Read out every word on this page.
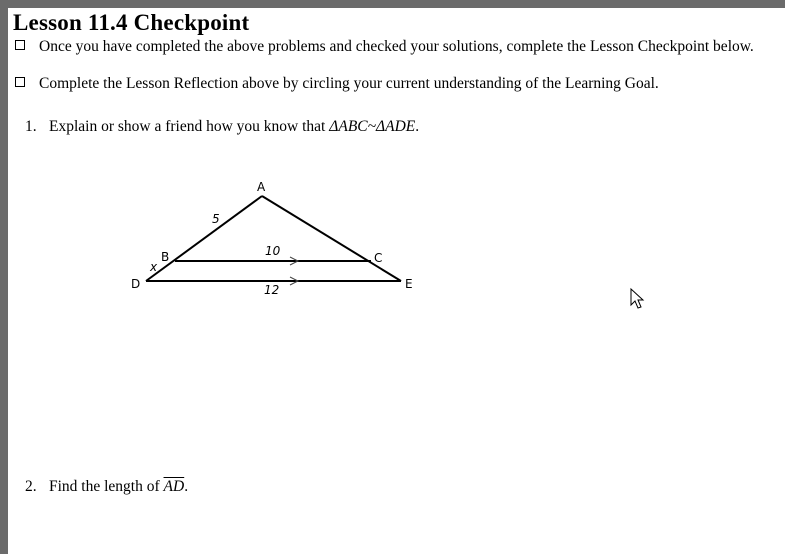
Lesson 11.4 Checkpoint
Once you have completed the above problems and checked your solutions, complete the Lesson Checkpoint below.
Complete the Lesson Reflection above by circling your current understanding of the Learning Goal.
1. Explain or show a friend how you know that ΔABC~ΔADE.
A
B	C
D	E
5
x
10
12
2. Find the length of $\overline{AD}$.
